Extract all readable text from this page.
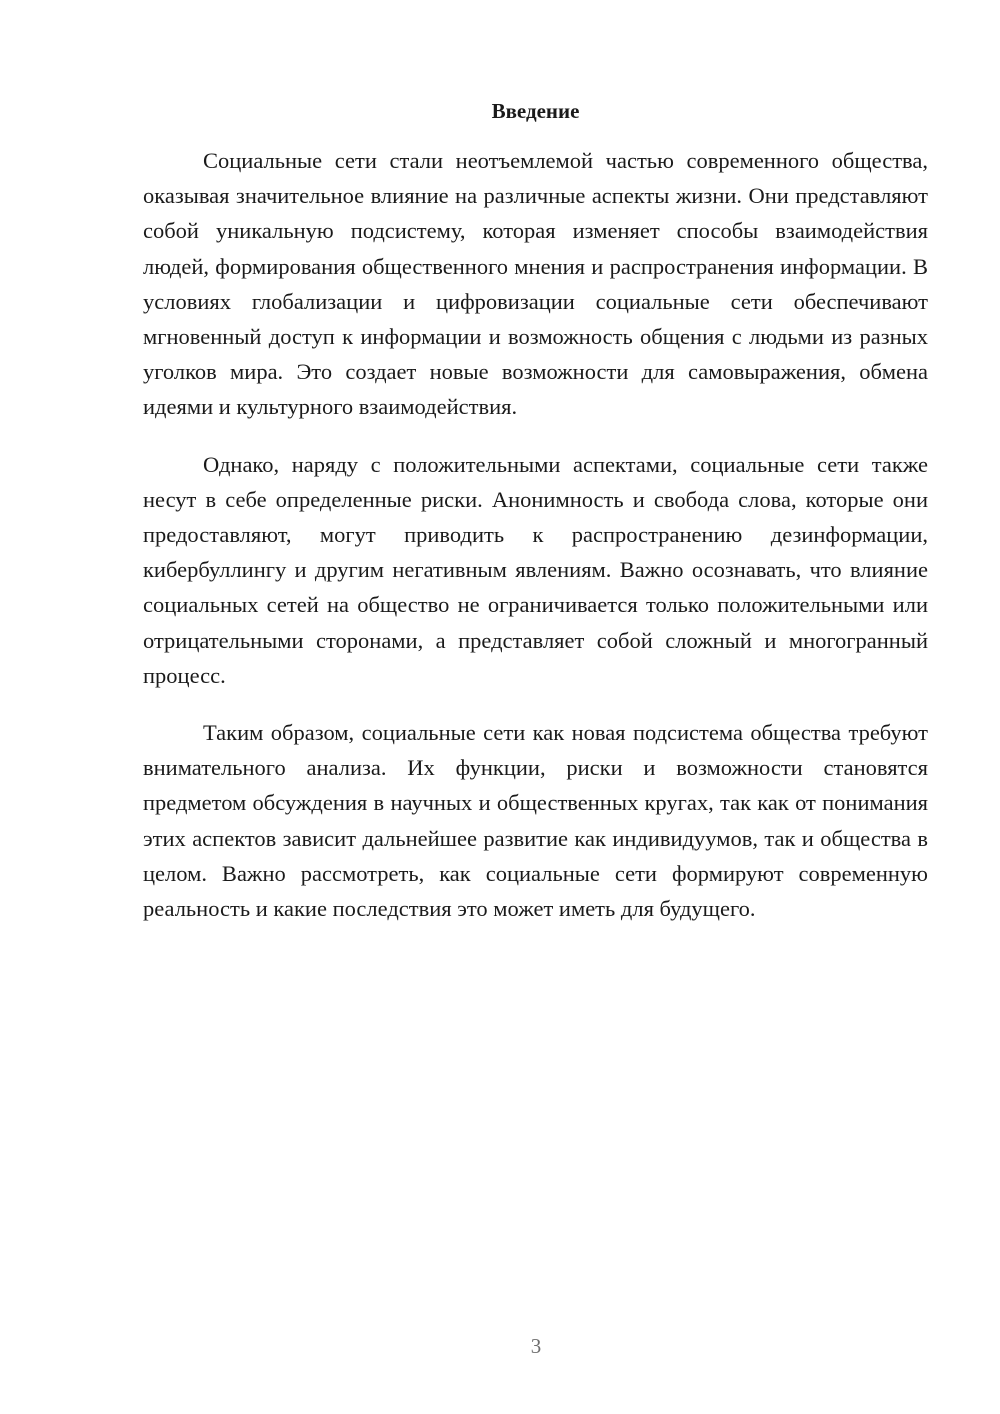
Введение

Социальные сети стали неотъемлемой частью современного общества, оказывая значительное влияние на различные аспекты жизни. Они представляют собой уникальную подсистему, которая изменяет способы взаимодействия людей, формирования общественного мнения и распространения информации. В условиях глобализации и цифровизации социальные сети обеспечивают мгновенный доступ к информации и возможность общения с людьми из разных уголков мира. Это создает новые возможности для самовыражения, обмена идеями и культурного взаимодействия.

Однако, наряду с положительными аспектами, социальные сети также несут в себе определенные риски. Анонимность и свобода слова, которые они предоставляют, могут приводить к распространению дезинформации, кибербуллингу и другим негативным явлениям. Важно осознавать, что влияние социальных сетей на общество не ограничивается только положительными или отрицательными сторонами, а представляет собой сложный и многогранный процесс.

Таким образом, социальные сети как новая подсистема общества требуют внимательного анализа. Их функции, риски и возможности становятся предметом обсуждения в научных и общественных кругах, так как от понимания этих аспектов зависит дальнейшее развитие как индивидуумов, так и общества в целом. Важно рассмотреть, как социальные сети формируют современную реальность и какие последствия это может иметь для будущего.

3
